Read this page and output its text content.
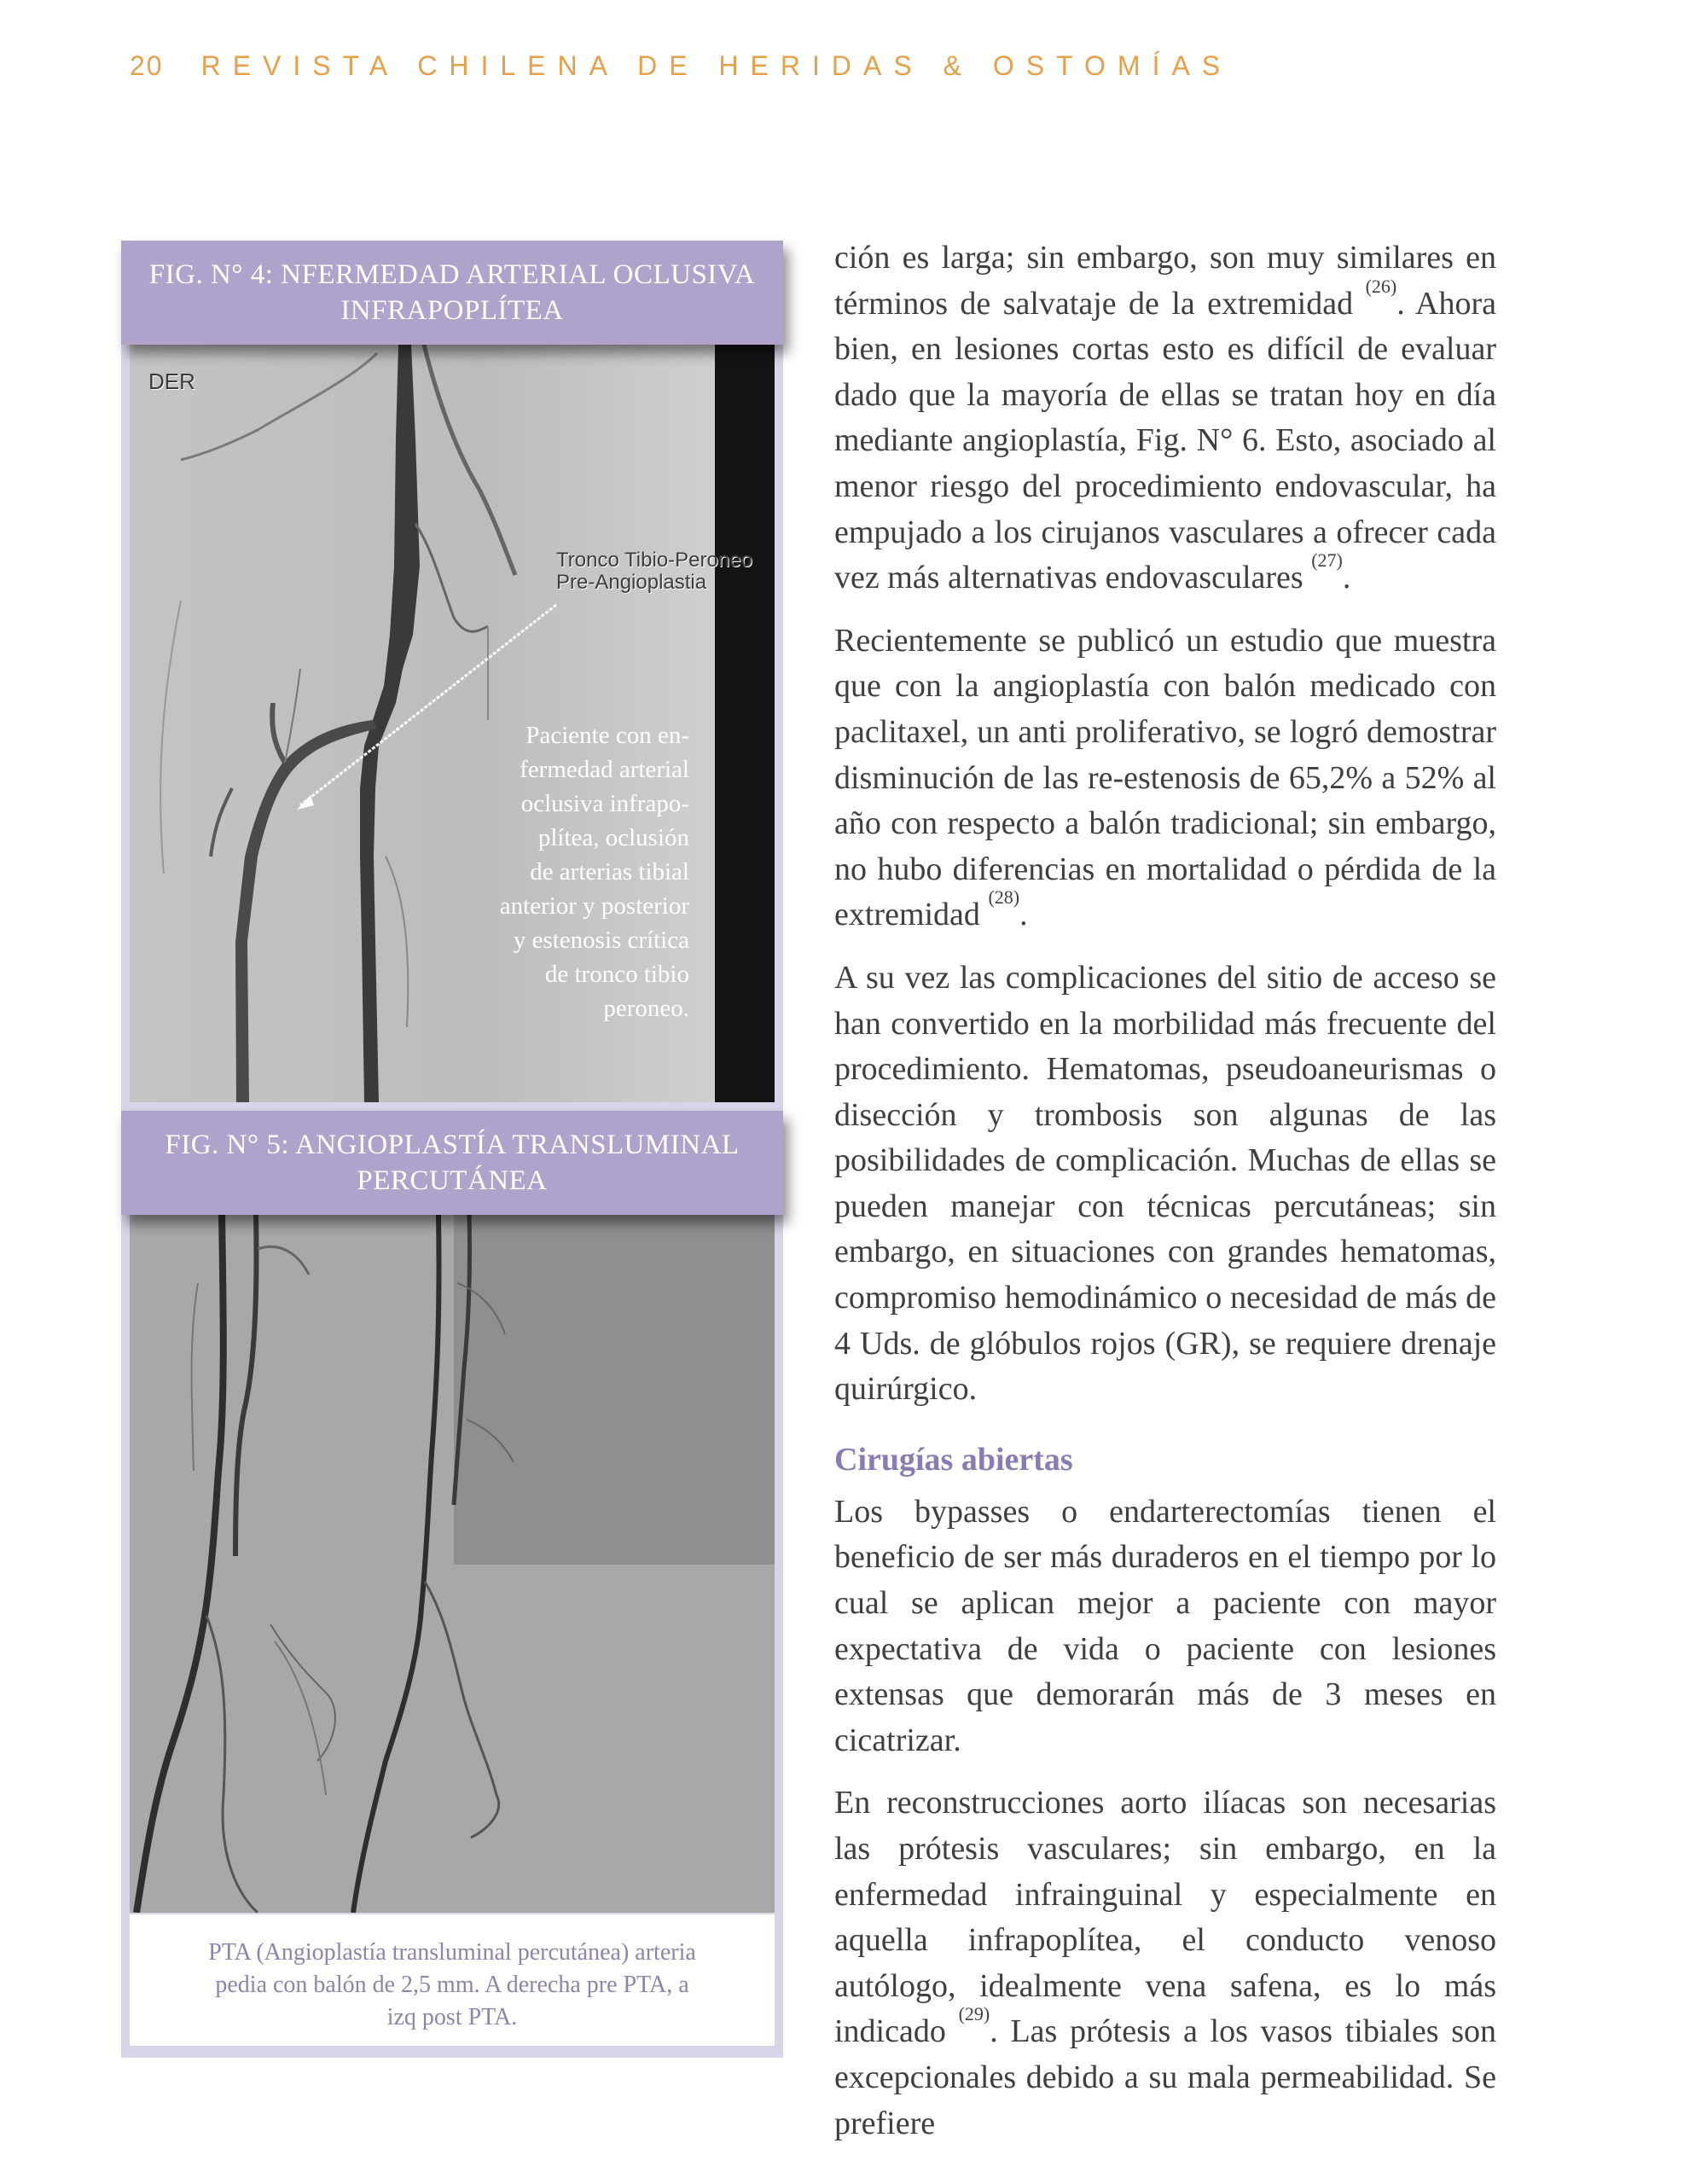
20 REVISTA CHILENA DE HERIDAS & OSTOMÍAS
FIG. N° 4: NFERMEDAD ARTERIAL OCLUSIVA
INFRAPOPLÍTEA
DER
Tronco Tibio-Peroneo
Pre-Angioplastia
Paciente con en-
fermedad arterial
oclusiva infrapo-
plítea, oclusión
de arterias tibial
anterior y posterior
y estenosis crítica
de tronco tibio
peroneo.
FIG. N° 5: ANGIOPLASTÍA TRANSLUMINAL
PERCUTÁNEA
PTA (Angioplastía transluminal percutánea) arteria
pedia con balón de 2,5 mm. A derecha pre PTA, a
izq post PTA.

ción es larga; sin embargo, son muy similares en términos de salvataje de la extremidad $^{(26)}$. Ahora bien, en lesiones cortas esto es difícil de evaluar dado que la mayoría de ellas se tratan hoy en día mediante angioplastía, Fig. N° 6. Esto, asociado al menor riesgo del procedimiento endovascular, ha empujado a los cirujanos vasculares a ofrecer cada vez más alternativas endovasculares $^{(27)}$.

Recientemente se publicó un estudio que muestra que con la angioplastía con balón medicado con paclitaxel, un anti proliferativo, se logró demostrar disminución de las re-estenosis de 65,2% a 52% al año con respecto a balón tradicional; sin embargo, no hubo diferencias en mortalidad o pérdida de la extremidad $^{(28)}$.

A su vez las complicaciones del sitio de acceso se han convertido en la morbilidad más frecuente del procedimiento. Hematomas, pseudoaneurismas o disección y trombosis son algunas de las posibilidades de complicación. Muchas de ellas se pueden manejar con técnicas percutáneas; sin embargo, en situaciones con grandes hematomas, compromiso hemodinámico o necesidad de más de 4 Uds. de glóbulos rojos (GR), se requiere drenaje quirúrgico.

Cirugías abiertas

Los bypasses o endarterectomías tienen el beneficio de ser más duraderos en el tiempo por lo cual se aplican mejor a paciente con mayor expectativa de vida o paciente con lesiones extensas que demorarán más de 3 meses en cicatrizar.

En reconstrucciones aorto ilíacas son necesarias las prótesis vasculares; sin embargo, en la enfermedad infrainguinal y especialmente en aquella infrapoplítea, el conducto venoso autólogo, idealmente vena safena, es lo más indicado $^{(29)}$. Las prótesis a los vasos tibiales son excepcionales debido a su mala permeabilidad. Se prefiere
